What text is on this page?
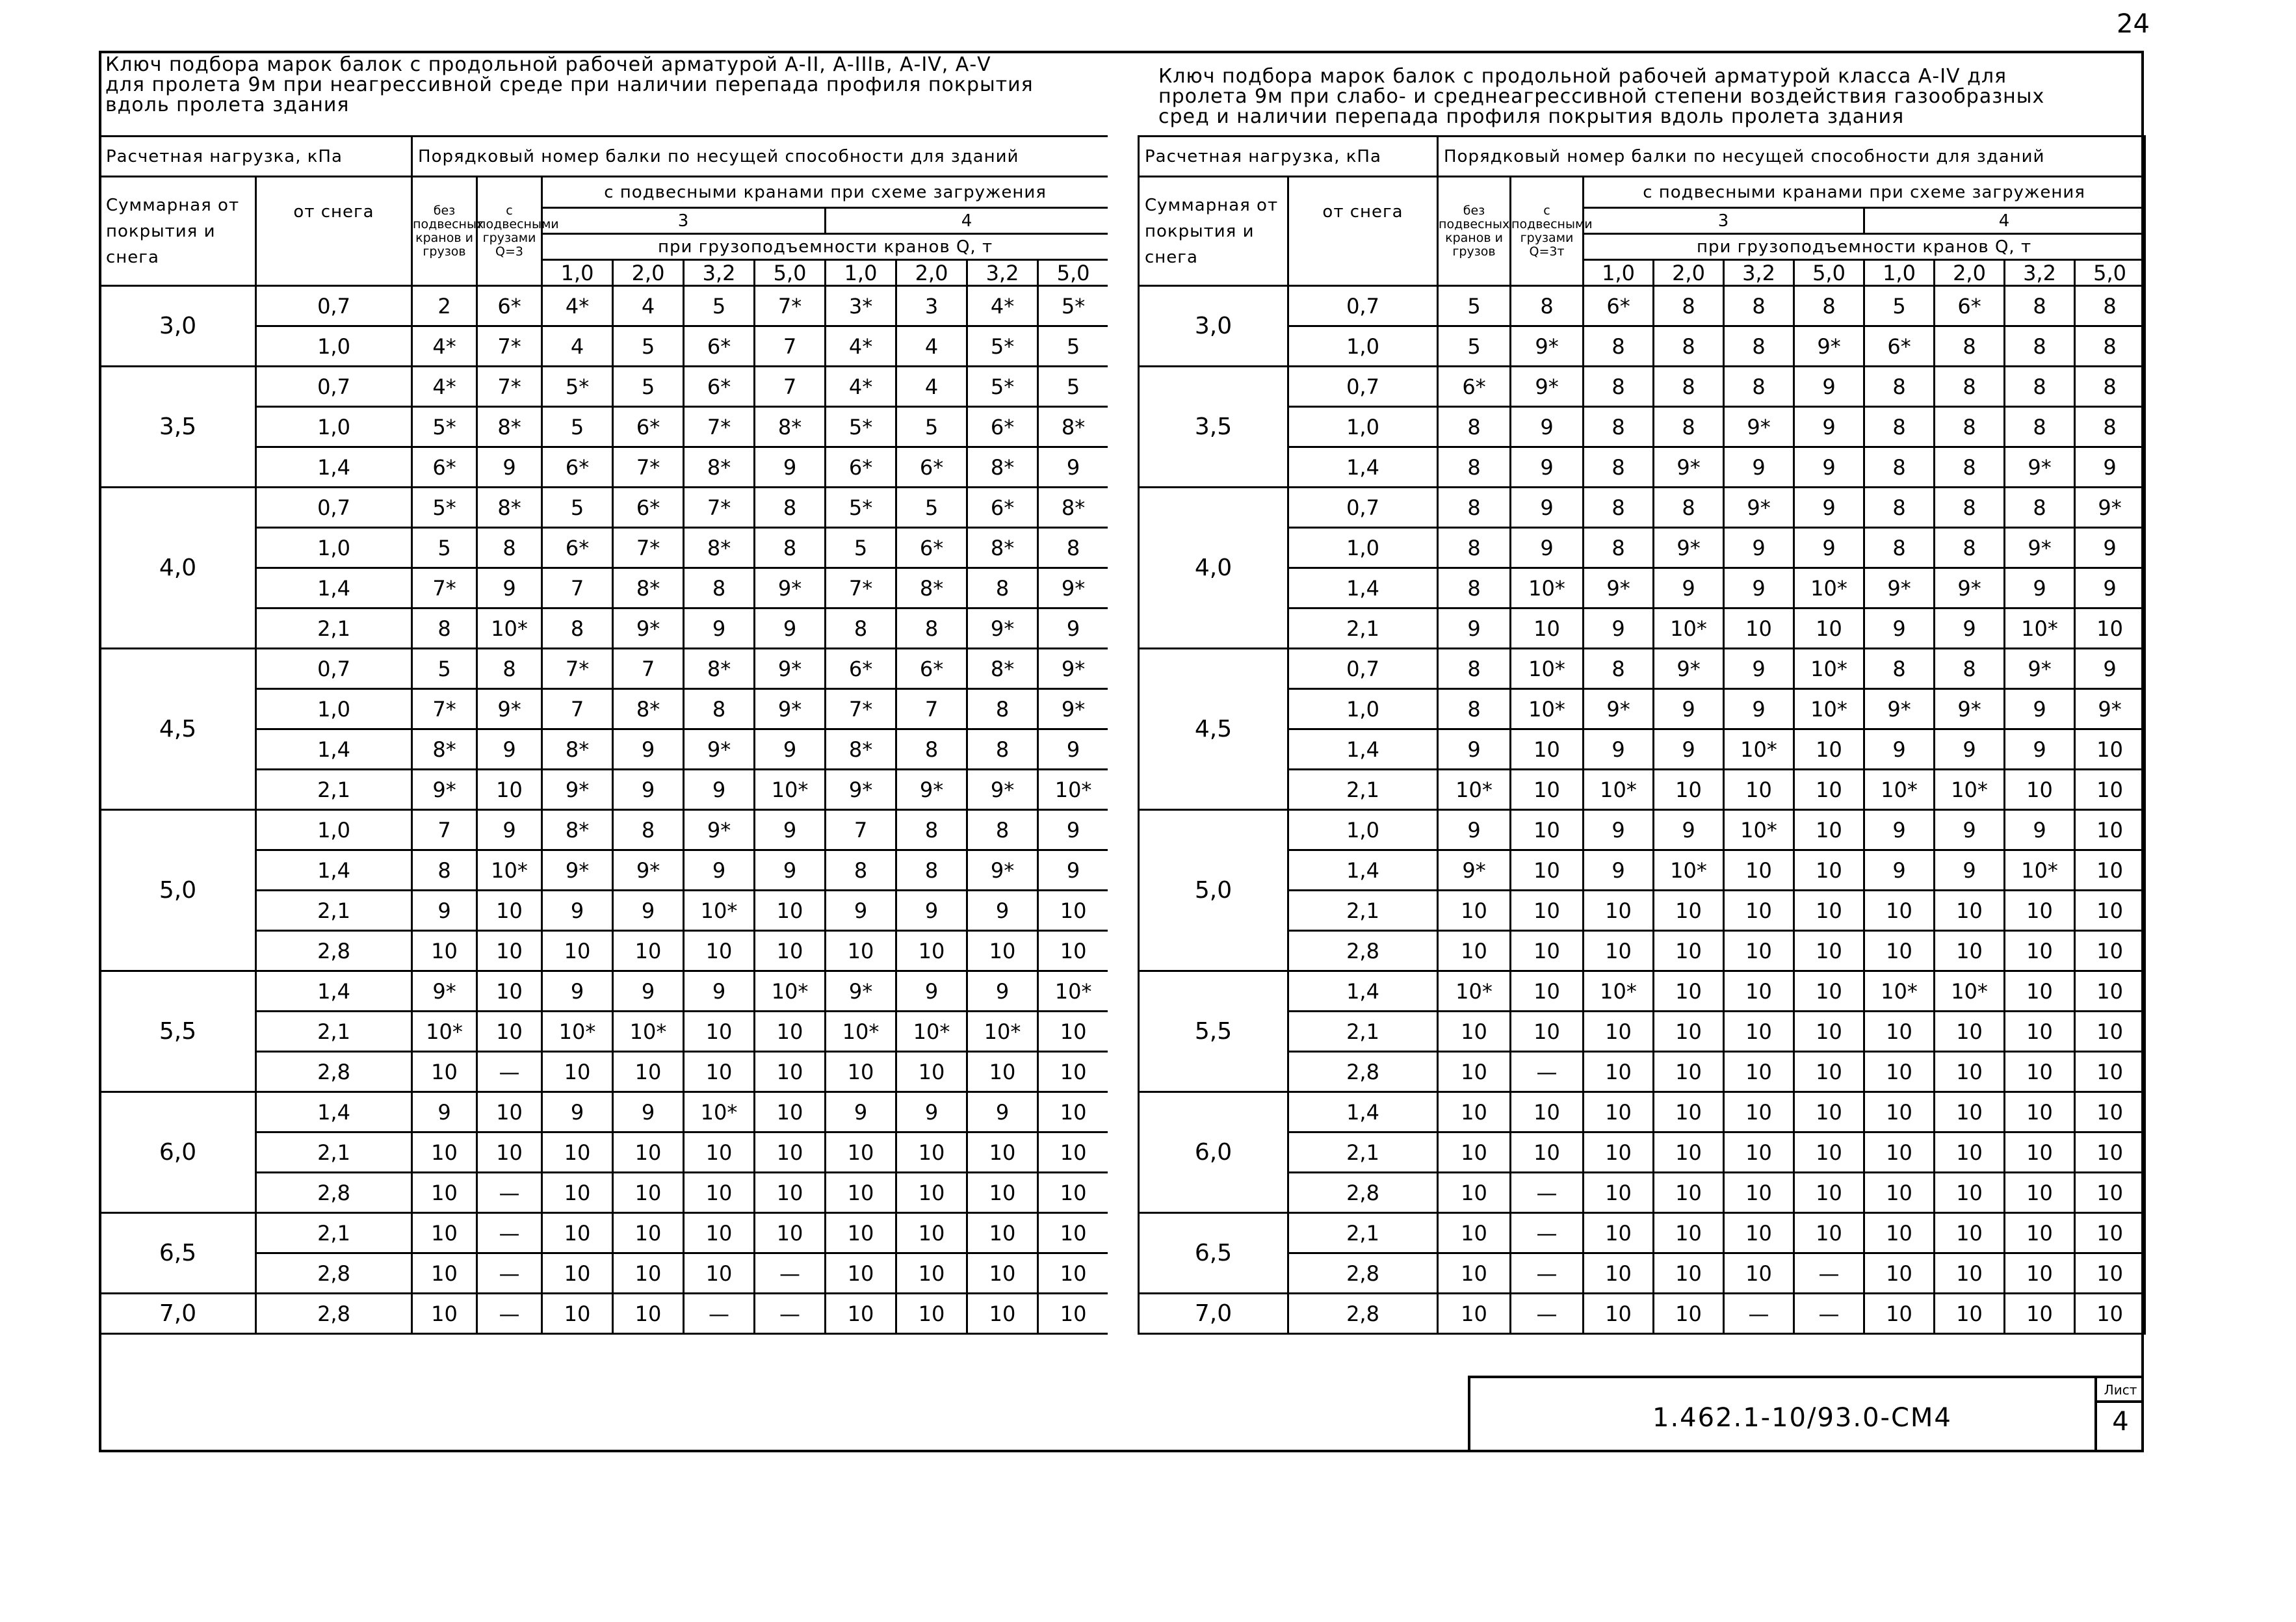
24
Ключ подбора марок балок с продольной рабочей арматурой А-II, А-IIIв, А-IV, А-V
для пролета 9м при неагрессивной среде при наличии перепада профиля покрытия
вдоль пролета здания
Ключ подбора марок балок с продольной рабочей арматурой класса А-IV для
пролета 9м при слабо- и среднеагрессивной степени воздействия газообразных
сред и наличии перепада профиля покрытия вдоль пролета здания
Расчетная нагрузка, кПа		Порядковый номер балки по несущей способности для зданий									
Суммарная от покрытия и снега	от снега	без подвесных кранов и грузов	с подвесными грузами Q=3	с подвесными кранами при схеме загружения							
				3				4			
				при грузоподъемности кранов Q, т							
				1,0	2,0	3,2	5,0	1,0	2,0	3,2	5,0
3,0	0,7	2	6*	4*	4	5	7*	3*	3	4*	5*
	1,0	4*	7*	4	5	6*	7	4*	4	5*	5
3,5	0,7	4*	7*	5*	5	6*	7	4*	4	5*	5
	1,0	5*	8*	5	6*	7*	8*	5*	5	6*	8*
	1,4	6*	9	6*	7*	8*	9	6*	6*	8*	9
4,0	0,7	5*	8*	5	6*	7*	8	5*	5	6*	8*
	1,0	5	8	6*	7*	8*	8	5	6*	8*	8
	1,4	7*	9	7	8*	8	9*	7*	8*	8	9*
	2,1	8	10*	8	9*	9	9	8	8	9*	9
4,5	0,7	5	8	7*	7	8*	9*	6*	6*	8*	9*
	1,0	7*	9*	7	8*	8	9*	7*	7	8	9*
	1,4	8*	9	8*	9	9*	9	8*	8	8	9
	2,1	9*	10	9*	9	9	10*	9*	9*	9*	10*
5,0	1,0	7	9	8*	8	9*	9	7	8	8	9
	1,4	8	10*	9*	9*	9	9	8	8	9*	9
	2,1	9	10	9	9	10*	10	9	9	9	10
	2,8	10	10	10	10	10	10	10	10	10	10
5,5	1,4	9*	10	9	9	9	10*	9*	9	9	10*
	2,1	10*	10	10*	10*	10	10	10*	10*	10*	10
	2,8	10	—	10	10	10	10	10	10	10	10
6,0	1,4	9	10	9	9	10*	10	9	9	9	10
	2,1	10	10	10	10	10	10	10	10	10	10
	2,8	10	—	10	10	10	10	10	10	10	10
6,5	2,1	10	—	10	10	10	10	10	10	10	10
	2,8	10	—	10	10	10	—	10	10	10	10
7,0	2,8	10	—	10	10	—	—	10	10	10	10
Расчетная нагрузка, кПа		Порядковый номер балки по несущей способности для зданий									
Суммарная от покрытия и снега	от снега	без подвесных кранов и грузов	с подвесными грузами Q=3т	с подвесными кранами при схеме загружения							
				3				4			
				при грузоподъемности кранов Q, т							
				1,0	2,0	3,2	5,0	1,0	2,0	3,2	5,0
3,0	0,7	5	8	6*	8	8	8	5	6*	8	8
	1,0	5	9*	8	8	8	9*	6*	8	8	8
3,5	0,7	6*	9*	8	8	8	9	8	8	8	8
	1,0	8	9	8	8	9*	9	8	8	8	8
	1,4	8	9	8	9*	9	9	8	8	9*	9
4,0	0,7	8	9	8	8	9*	9	8	8	8	9*
	1,0	8	9	8	9*	9	9	8	8	9*	9
	1,4	8	10*	9*	9	9	10*	9*	9*	9	9
	2,1	9	10	9	10*	10	10	9	9	10*	10
4,5	0,7	8	10*	8	9*	9	10*	8	8	9*	9
	1,0	8	10*	9*	9	9	10*	9*	9*	9	9*
	1,4	9	10	9	9	10*	10	9	9	9	10
	2,1	10*	10	10*	10	10	10	10*	10*	10	10
5,0	1,0	9	10	9	9	10*	10	9	9	9	10
	1,4	9*	10	9	10*	10	10	9	9	10*	10
	2,1	10	10	10	10	10	10	10	10	10	10
	2,8	10	10	10	10	10	10	10	10	10	10
5,5	1,4	10*	10	10*	10	10	10	10*	10*	10	10
	2,1	10	10	10	10	10	10	10	10	10	10
	2,8	10	—	10	10	10	10	10	10	10	10
6,0	1,4	10	10	10	10	10	10	10	10	10	10
	2,1	10	10	10	10	10	10	10	10	10	10
	2,8	10	—	10	10	10	10	10	10	10	10
6,5	2,1	10	—	10	10	10	10	10	10	10	10
	2,8	10	—	10	10	10	—	10	10	10	10
7,0	2,8	10	—	10	10	—	—	10	10	10	10
1.462.1-10/93.0-СМ4
Лист
4
